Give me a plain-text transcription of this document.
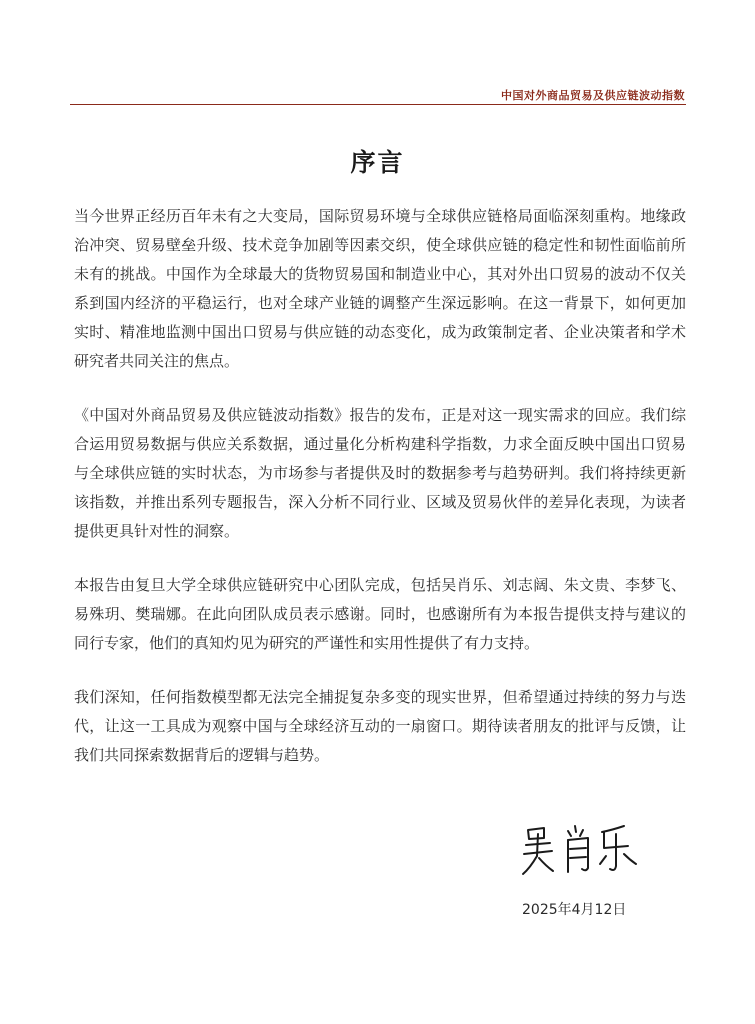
中国对外商品贸易及供应链波动指数
序言

当今世界正经历百年未有之大变局，国际贸易环境与全球供应链格局面临深刻重构。地缘政治冲突、贸易壁垒升级、技术竞争加剧等因素交织，使全球供应链的稳定性和韧性面临前所未有的挑战。中国作为全球最大的货物贸易国和制造业中心，其对外出口贸易的波动不仅关系到国内经济的平稳运行，也对全球产业链的调整产生深远影响。在这一背景下，如何更加实时、精准地监测中国出口贸易与供应链的动态变化，成为政策制定者、企业决策者和学术研究者共同关注的焦点。

《中国对外商品贸易及供应链波动指数》报告的发布，正是对这一现实需求的回应。我们综合运用贸易数据与供应关系数据，通过量化分析构建科学指数，力求全面反映中国出口贸易与全球供应链的实时状态，为市场参与者提供及时的数据参考与趋势研判。我们将持续更新该指数，并推出系列专题报告，深入分析不同行业、区域及贸易伙伴的差异化表现，为读者提供更具针对性的洞察。

本报告由复旦大学全球供应链研究中心团队完成，包括吴肖乐、刘志阔、朱文贵、李梦飞、易殊玥、樊瑞娜。在此向团队成员表示感谢。同时，也感谢所有为本报告提供支持与建议的同行专家，他们的真知灼见为研究的严谨性和实用性提供了有力支持。

我们深知，任何指数模型都无法完全捕捉复杂多变的现实世界，但希望通过持续的努力与迭代，让这一工具成为观察中国与全球经济互动的一扇窗口。期待读者朋友的批评与反馈，让我们共同探索数据背后的逻辑与趋势。

2025年4月12日
